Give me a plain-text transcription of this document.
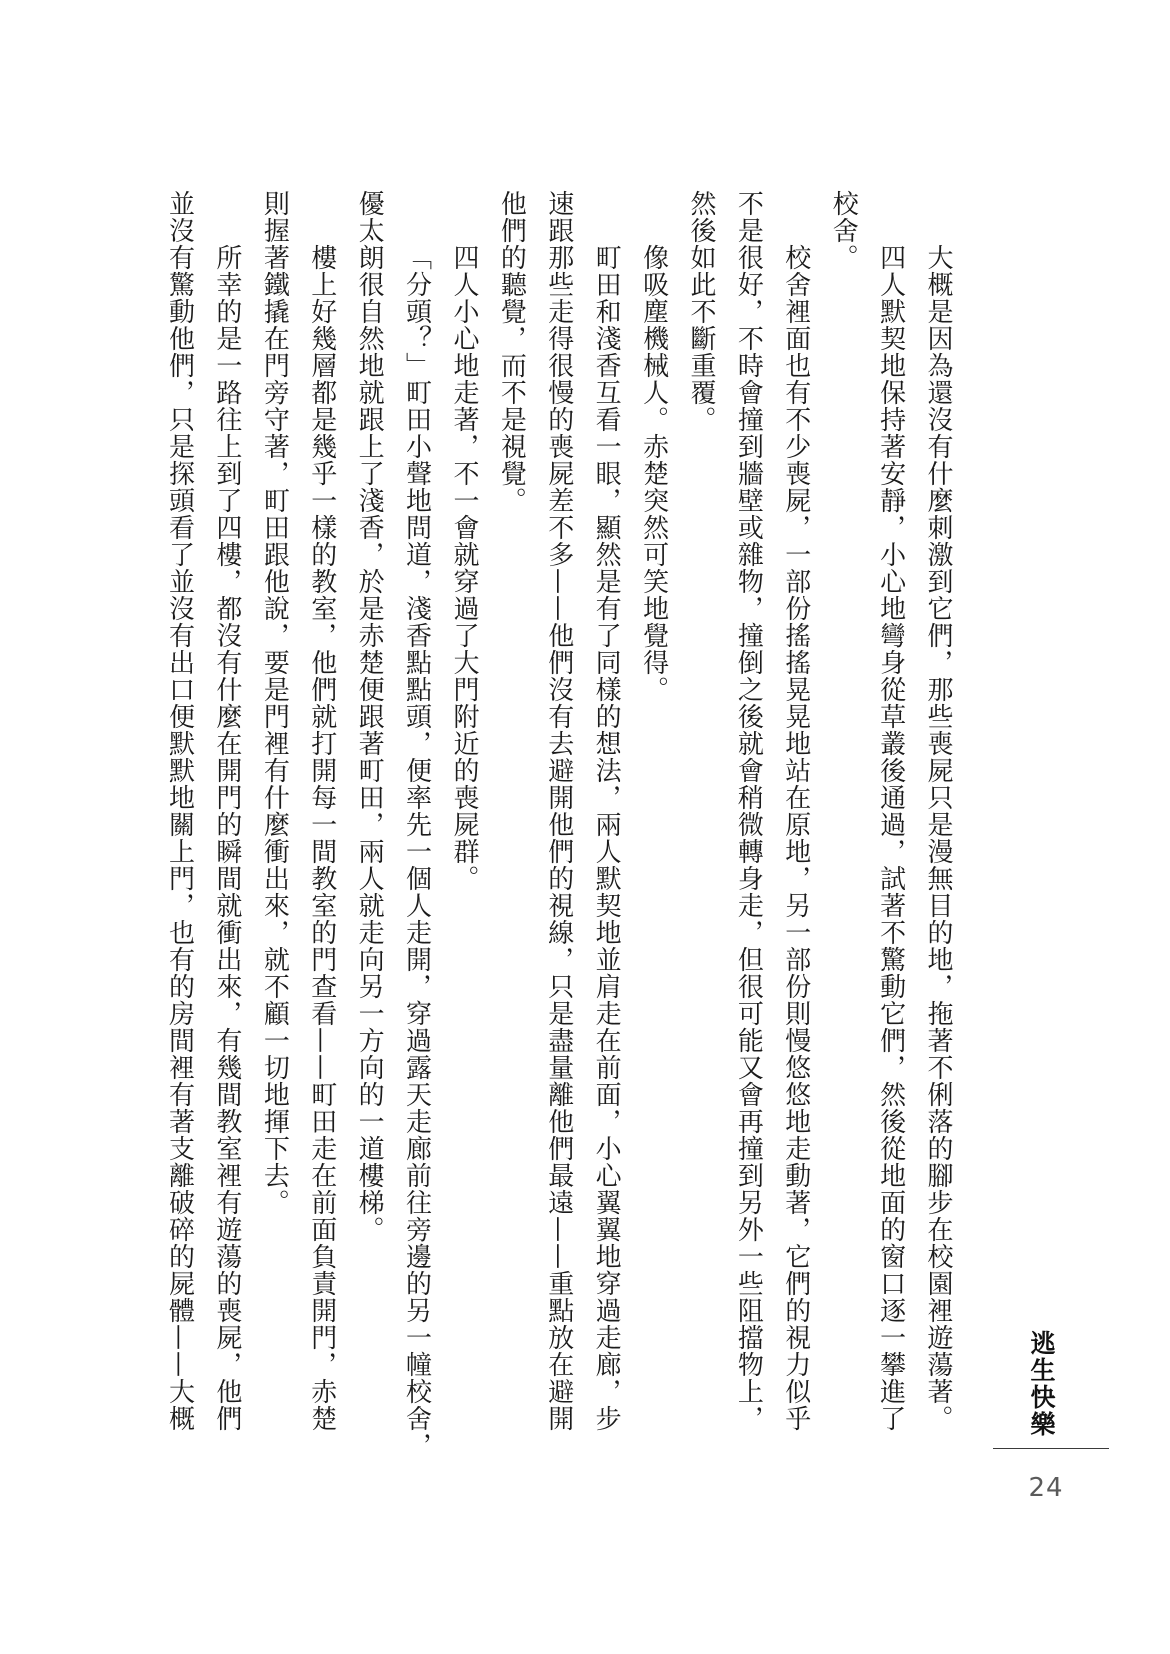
大概是因為還沒有什麼刺激到它們，那些喪屍只是漫無目的地，拖著不俐落的腳步在校園裡遊蕩著。
四人默契地保持著安靜，小心地彎身從草叢後通過，試著不驚動它們，然後從地面的窗口逐一攀進了
校舍。
校舍裡面也有不少喪屍，一部份搖搖晃晃地站在原地，另一部份則慢悠悠地走動著，它們的視力似乎
不是很好，不時會撞到牆壁或雜物，撞倒之後就會稍微轉身走，但很可能又會再撞到另外一些阻擋物上，
然後如此不斷重覆。
像吸塵機械人。赤楚突然可笑地覺得。
町田和淺香互看一眼，顯然是有了同樣的想法，兩人默契地並肩走在前面，小心翼翼地穿過走廊，步
速跟那些走得很慢的喪屍差不多——他們沒有去避開他們的視線，只是盡量離他們最遠——重點放在避開
他們的聽覺，而不是視覺。
四人小心地走著，不一會就穿過了大門附近的喪屍群。
「分頭？」町田小聲地問道，淺香點點頭，便率先一個人走開，穿過露天走廊前往旁邊的另一幢校舍，
優太朗很自然地就跟上了淺香，於是赤楚便跟著町田，兩人就走向另一方向的一道樓梯。
樓上好幾層都是幾乎一樣的教室，他們就打開每一間教室的門查看——町田走在前面負責開門，赤楚
則握著鐵撬在門旁守著，町田跟他說，要是門裡有什麼衝出來，就不顧一切地揮下去。
所幸的是一路往上到了四樓，都沒有什麼在開門的瞬間就衝出來，有幾間教室裡有遊蕩的喪屍，他們
並沒有驚動他們，只是探頭看了並沒有出口便默默地關上門，也有的房間裡有著支離破碎的屍體——大概	逃生快樂
24
